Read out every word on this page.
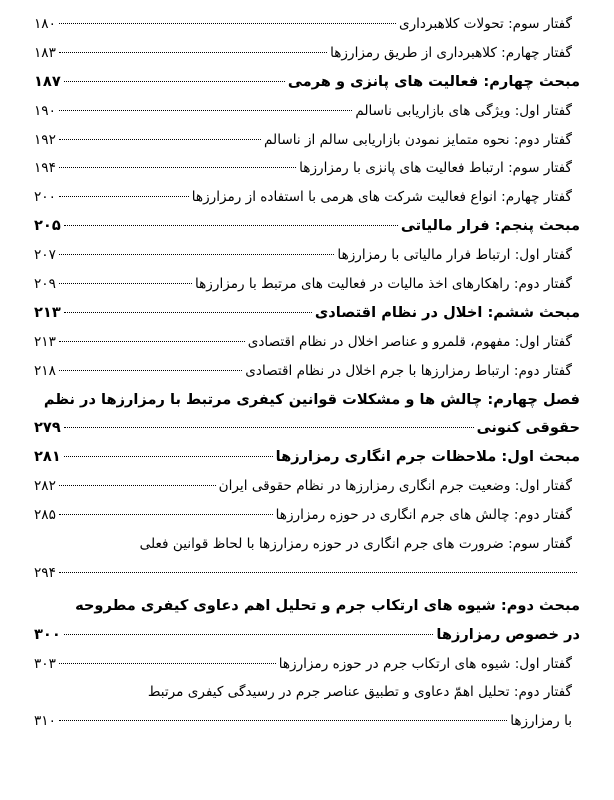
گفتار سوم: تحولات کلاهبرداری
۱۸۰
گفتار چهارم: کلاهبرداری از طریق رمزارزها
۱۸۳
مبحث چهارم: فعالیت های پانزی و هرمی
۱۸۷
گفتار اول: ویژگی های بازاریابی ناسالم
۱۹۰
گفتار دوم: نحوه متمایز نمودن بازاریابی سالم از ناسالم
۱۹۲
گفتار سوم: ارتباط فعالیت های پانزی با رمزارزها
۱۹۴
گفتار چهارم: انواع فعالیت شرکت های هرمی با استفاده از رمزارزها
۲۰۰
مبحث پنجم: فرار مالیاتی
۲۰۵
گفتار اول: ارتباط فرار مالیاتی با رمزارزها
۲۰۷
گفتار دوم: راهکارهای اخذ مالیات در فعالیت های مرتبط با رمزارزها
۲۰۹
مبحث ششم: اخلال در نظام اقتصادی
۲۱۳
گفتار اول: مفهوم، قلمرو و عناصر اخلال در نظام اقتصادی
۲۱۳
گفتار دوم: ارتباط رمزارزها با جرم اخلال در نظام اقتصادی
۲۱۸
فصل چهارم: چالش ها و مشکلات قوانین کیفری مرتبط با رمزارزها در نظم
حقوقی کنونی
۲۷۹
مبحث اول: ملاحظات جرم انگاری رمزارزها
۲۸۱
گفتار اول: وضعیت جرم انگاری رمزارزها در نظام حقوقی ایران
۲۸۲
گفتار دوم: چالش های جرم انگاری در حوزه رمزارزها
۲۸۵
گفتار سوم: ضرورت های جرم انگاری در حوزه رمزارزها با لحاظ قوانین فعلی
۲۹۴
مبحث دوم: شیوه های ارتکاب جرم و تحلیل اهم دعاوی کیفری مطروحه
در خصوص رمزارزها
۳۰۰
گفتار اول: شیوه های ارتکاب جرم در حوزه رمزارزها
۳۰۳
گفتار دوم: تحلیل اهمّ دعاوی و تطبیق عناصر جرم در رسیدگی کیفری مرتبط
با رمزارزها
۳۱۰
